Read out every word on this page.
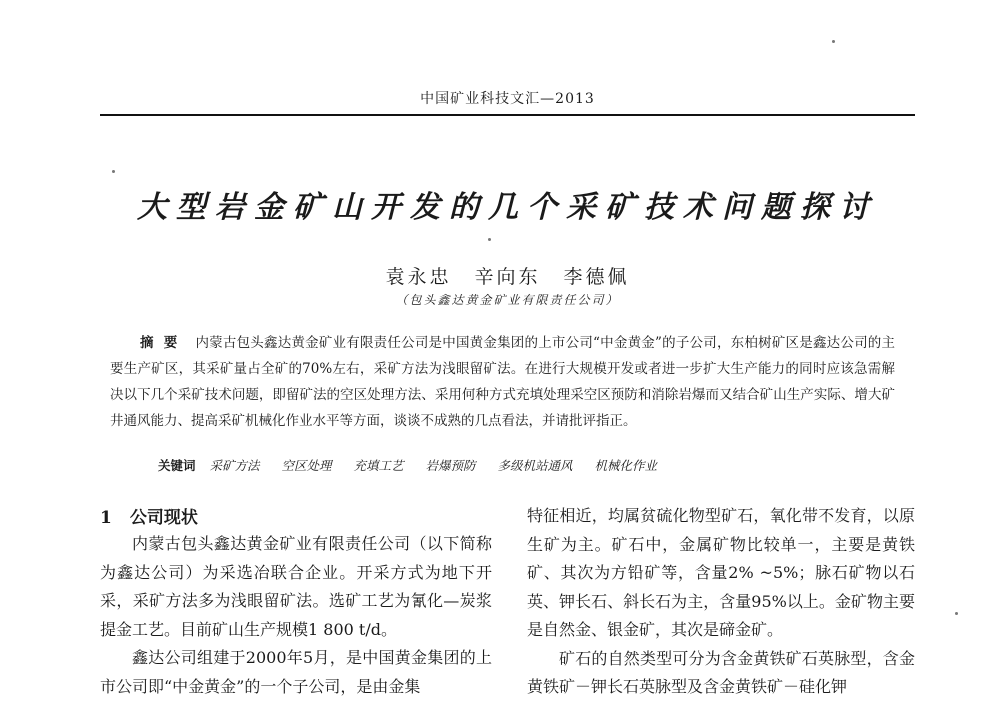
中国矿业科技文汇—2013
大型岩金矿山开发的几个采矿技术问题探讨
袁永忠 辛向东 李德佩
（包头鑫达黄金矿业有限责任公司）
摘要 内蒙古包头鑫达黄金矿业有限责任公司是中国黄金集团的上市公司“中金黄金”的子公司，东柏树矿区是鑫达公司的主要生产矿区，其采矿量占全矿的70%左右，采矿方法为浅眼留矿法。在进行大规模开发或者进一步扩大生产能力的同时应该急需解决以下几个采矿技术问题，即留矿法的空区处理方法、采用何种方式充填处理采空区预防和消除岩爆而又结合矿山生产实际、增大矿井通风能力、提高采矿机械化作业水平等方面，谈谈不成熟的几点看法，并请批评指正。
关键词 采矿方法 空区处理 充填工艺 岩爆预防 多级机站通风 机械化作业
1 公司现状

内蒙古包头鑫达黄金矿业有限责任公司（以下简称为鑫达公司）为采选冶联合企业。开采方式为地下开采，采矿方法多为浅眼留矿法。选矿工艺为氰化—炭浆提金工艺。目前矿山生产规模1 800 t/d。

鑫达公司组建于2000年5月，是中国黄金集团的上市公司即“中金黄金”的一个子公司，是由金集

特征相近，均属贫硫化物型矿石，氧化带不发育，以原生矿为主。矿石中，金属矿物比较单一，主要是黄铁矿、其次为方铅矿等，含量2% ~5%；脉石矿物以石英、钾长石、斜长石为主，含量95%以上。金矿物主要是自然金、银金矿，其次是碲金矿。

矿石的自然类型可分为含金黄铁矿石英脉型，含金黄铁矿－钾长石英脉型及含金黄铁矿－硅化钾
